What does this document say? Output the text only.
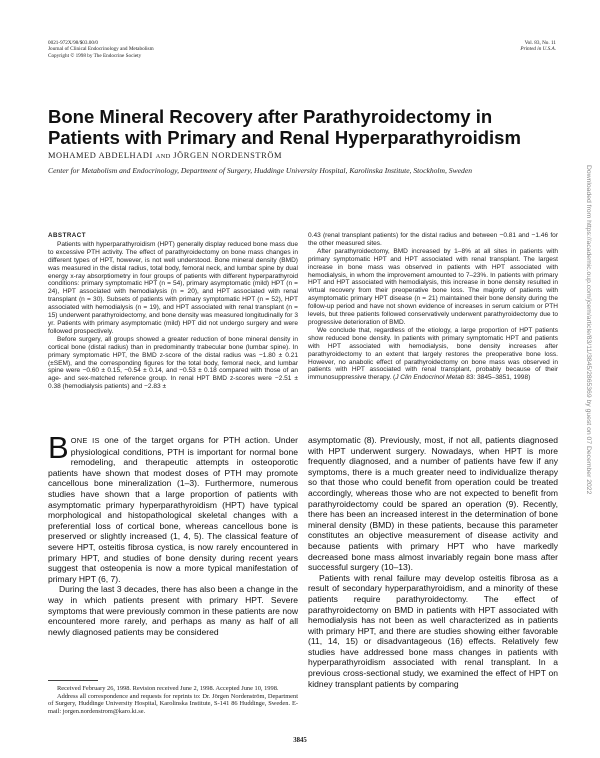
0021-972X/98/$03.00/0
Journal of Clinical Endocrinology and Metabolism
Copyright © 1998 by The Endocrine Society
Vol. 83, No. 11
Printed in U.S.A.
Bone Mineral Recovery after Parathyroidectomy in Patients with Primary and Renal Hyperparathyroidism
MOHAMED ABDELHADI AND JÖRGEN NORDENSTRÖM
Center for Metabolism and Endocrinology, Department of Surgery, Huddinge University Hospital, Karolinska Institute, Stockholm, Sweden
ABSTRACT

Patients with hyperparathyroidism (HPT) generally display reduced bone mass due to excessive PTH activity. The effect of parathyroidectomy on bone mass changes in different types of HPT, however, is not well understood. Bone mineral density (BMD) was measured in the distal radius, total body, femoral neck, and lumbar spine by dual energy x-ray absorptiometry in four groups of patients with different hyperparathyroid conditions: primary symptomatic HPT (n = 54), primary asymptomatic (mild) HPT (n = 24), HPT associated with hemodialysis (n = 20), and HPT associated with renal transplant (n = 30). Subsets of patients with primary symptomatic HPT (n = 52), HPT associated with hemodialysis (n = 19), and HPT associated with renal transplant (n = 15) underwent parathyroidectomy, and bone density was measured longitudinally for 3 yr. Patients with primary asymptomatic (mild) HPT did not undergo surgery and were followed prospectively.

Before surgery, all groups showed a greater reduction of bone mineral density in cortical bone (distal radius) than in predominantly trabecular bone (lumbar spine). In primary symptomatic HPT, the BMD z-score of the distal radius was −1.80 ± 0.21 (±SEM), and the corresponding figures for the total body, femoral neck, and lumbar spine were −0.60 ± 0.15, −0.54 ± 0.14, and −0.53 ± 0.18 compared with those of an age- and sex-matched reference group. In renal HPT BMD z-scores were −2.51 ± 0.38 (hemodialysis patients) and −2.83 ±

0.43 (renal transplant patients) for the distal radius and between −0.81 and −1.46 for the other measured sites.

After parathyroidectomy, BMD increased by 1–8% at all sites in patients with primary symptomatic HPT and HPT associated with renal transplant. The largest increase in bone mass was observed in patients with HPT associated with hemodialysis, in whom the improvement amounted to 7–23%. In patients with primary HPT and HPT associated with hemodialysis, this increase in bone density resulted in virtual recovery from their preoperative bone loss. The majority of patients with asymptomatic primary HPT disease (n = 21) maintained their bone density during the follow-up period and have not shown evidence of increases in serum calcium or PTH levels, but three patients followed conservatively underwent parathyroidectomy due to progressive deterioration of BMD.

We conclude that, regardless of the etiology, a large proportion of HPT patients show reduced bone density. In patients with primary symptomatic HPT and patients with HPT associated with hemodialysis, bone density increases after parathyroidectomy to an extent that largely restores the preoperative bone loss. However, no anabolic effect of parathyroidectomy on bone mass was observed in patients with HPT associated with renal transplant, probably because of their immunosuppressive therapy. (J Clin Endocrinol Metab 83: 3845–3851, 1998)

BONE IS one of the target organs for PTH action. Under physiological conditions, PTH is important for normal bone remodeling, and therapeutic attempts in osteoporotic patients have shown that modest doses of PTH may promote cancellous bone mineralization (1–3). Furthermore, numerous studies have shown that a large proportion of patients with asymptomatic primary hyperparathyroidism (HPT) have typical morphological and histopathological skeletal changes with a preferential loss of cortical bone, whereas cancellous bone is preserved or slightly increased (1, 4, 5). The classical feature of severe HPT, osteitis fibrosa cystica, is now rarely encountered in primary HPT, and studies of bone density during recent years suggest that osteopenia is now a more typical manifestation of primary HPT (6, 7).

During the last 3 decades, there has also been a change in the way in which patients present with primary HPT. Severe symptoms that were previously common in these patients are now encountered more rarely, and perhaps as many as half of all newly diagnosed patients may be considered

asymptomatic (8). Previously, most, if not all, patients diagnosed with HPT underwent surgery. Nowadays, when HPT is more frequently diagnosed, and a number of patients have few if any symptoms, there is a much greater need to individualize therapy so that those who could benefit from operation could be treated accordingly, whereas those who are not expected to benefit from parathyroidectomy could be spared an operation (9). Recently, there has been an increased interest in the determination of bone mineral density (BMD) in these patients, because this parameter constitutes an objective measurement of disease activity and because patients with primary HPT who have markedly decreased bone mass almost invariably regain bone mass after successful surgery (10–13).

Patients with renal failure may develop osteitis fibrosa as a result of secondary hyperparathyroidism, and a minority of these patients require parathyroidectomy. The effect of parathyroidectomy on BMD in patients with HPT associated with hemodialysis has not been as well characterized as in patients with primary HPT, and there are studies showing either favorable (11, 14, 15) or disadvantageous (16) effects. Relatively few studies have addressed bone mass changes in patients with hyperparathyroidism associated with renal transplant. In a previous cross-sectional study, we examined the effect of HPT on kidney transplant patients by comparing

Received February 26, 1998. Revision received June 2, 1998. Accepted June 10, 1998.

Address all correspondence and requests for reprints to: Dr. Jörgen Nordenström, Department of Surgery, Huddinge University Hospital, Karolinska Institute, S-141 86 Huddinge, Sweden. E-mail: jorgen.nordenstrom@karo.ki.se.

3845
Downloaded from https://academic.oup.com/jcem/article/83/11/3845/2865369 by guest on 07 December 2022
